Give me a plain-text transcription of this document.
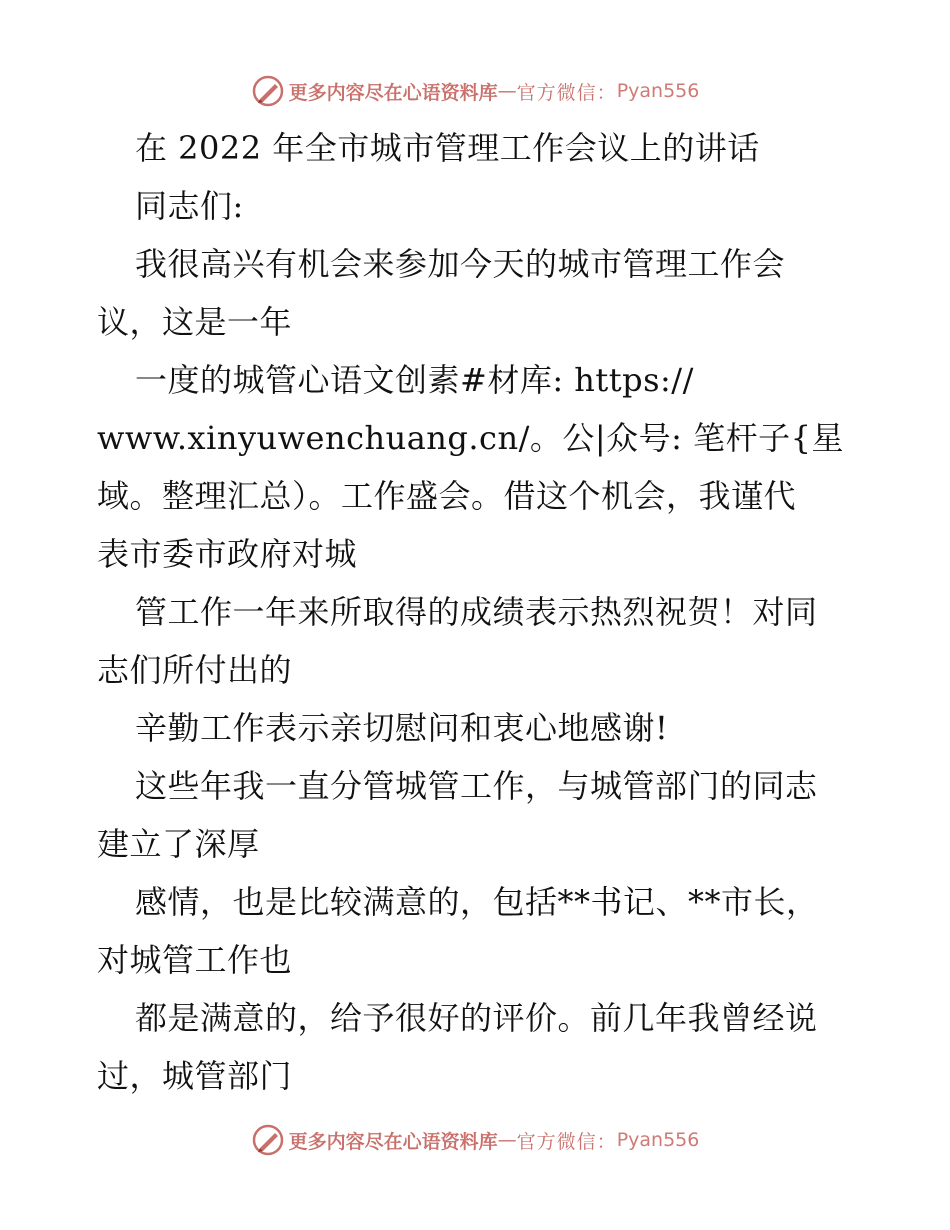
更多内容尽在心语资料库 — 官方微信： Pyan556
在 2022 年全市城市管理工作会议上的讲话
同志们:
我很高兴有机会来参加今天的城市管理工作会
议，这是一年
一度的城管心语文创素#材库: https://
www.xinyuwenchuang.cn/。公|众号: 笔杆子{星
域。整理汇总）。工作盛会。借这个机会，我谨代
表市委市政府对城
管工作一年来所取得的成绩表示热烈祝贺！对同
志们所付出的
辛勤工作表示亲切慰问和衷心地感谢!
这些年我一直分管城管工作，与城管部门的同志
建立了深厚
感情，也是比较满意的，包括**书记、**市长，
对城管工作也
都是满意的，给予很好的评价。前几年我曾经说
过，城管部门
更多内容尽在心语资料库 — 官方微信： Pyan556
